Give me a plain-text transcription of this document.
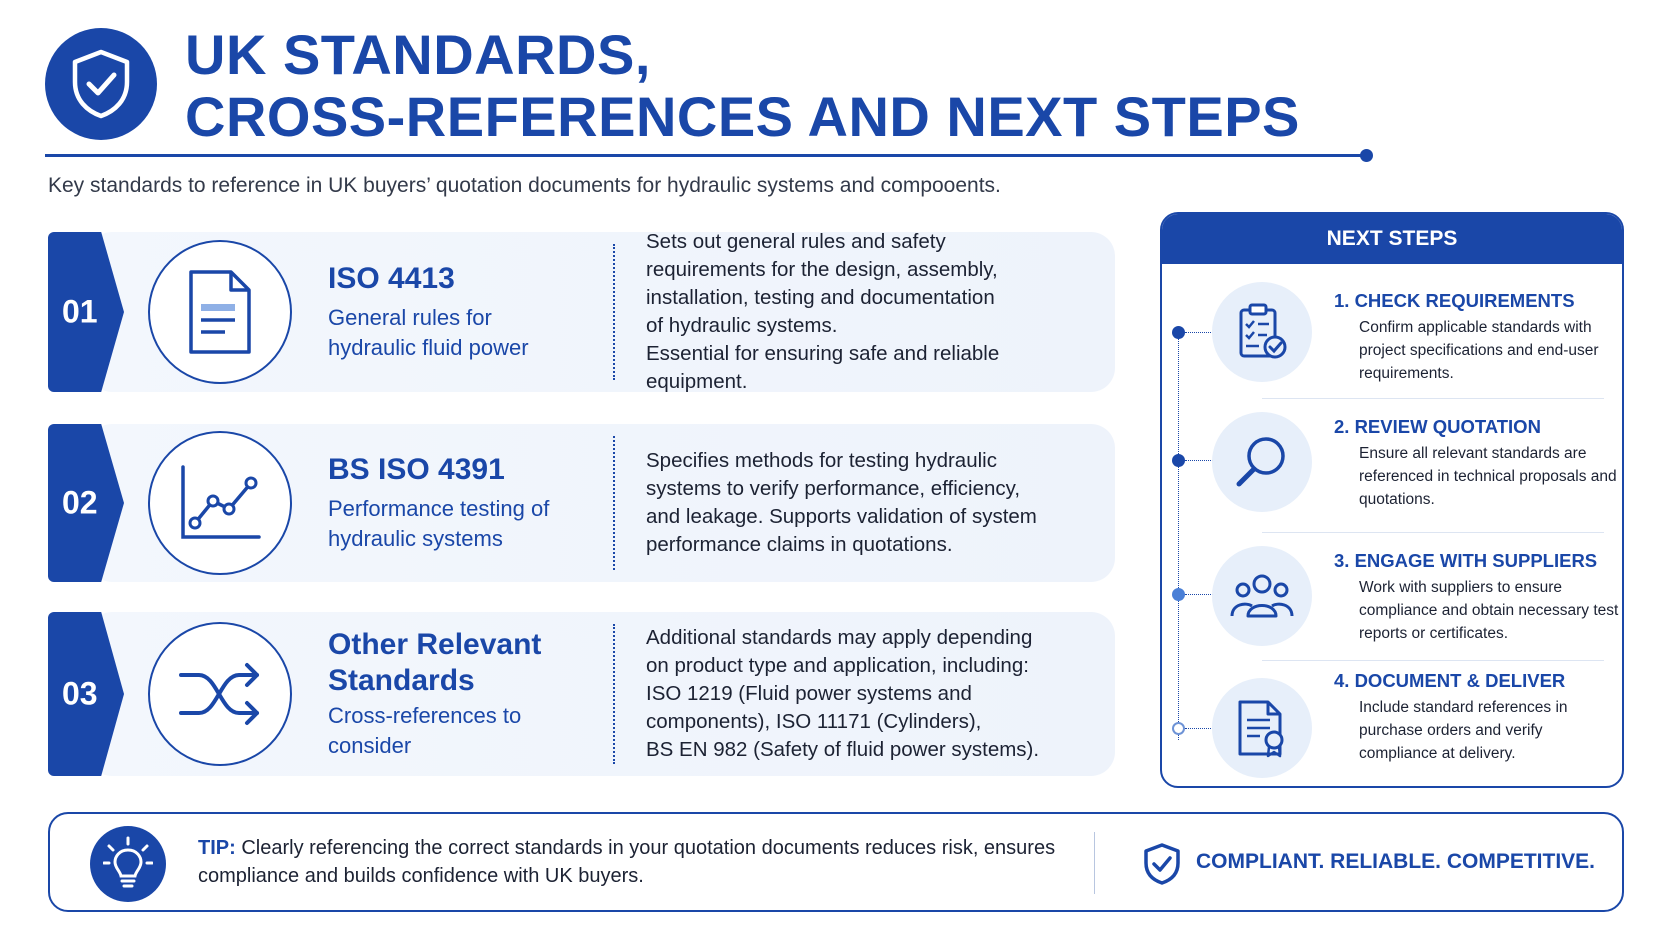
UK STANDARDS,
CROSS-REFERENCES AND NEXT STEPS
Key standards to reference in UK buyers’ quotation documents for hydraulic systems and compooents.
01
ISO 4413
General rules for hydraulic fluid power
Sets out general rules and safety
requirements for the design, assembly,
installation, testing and documentation
of hydraulic systems.
Essential for ensuring safe and reliable
equipment.
02
BS ISO 4391
Performance testing of hydraulic systems
Specifies methods for testing hydraulic
systems to verify performance, efficiency,
and leakage. Supports validation of system
performance claims in quotations.
03
Other Relevant Standards
Cross-references to consider
Additional standards may apply depending
on product type and application, including:
ISO 1219 (Fluid power systems and
components), ISO 11171 (Cylinders),
BS EN 982 (Safety of fluid power systems).
NEXT STEPS
1. CHECK REQUIREMENTS
Confirm applicable standards with project specifications and end-user requirements.
2. REVIEW QUOTATION
Ensure all relevant standards are referenced in technical proposals and quotations.
3. ENGAGE WITH SUPPLIERS
Work with suppliers to ensure compliance and obtain necessary test reports or certificates.
4. DOCUMENT & DELIVER
Include standard references in purchase orders and verify compliance at delivery.
TIP: Clearly referencing the correct standards in your quotation documents reduces risk, ensures compliance and builds confidence with UK buyers.
COMPLIANT. RELIABLE. COMPETITIVE.
